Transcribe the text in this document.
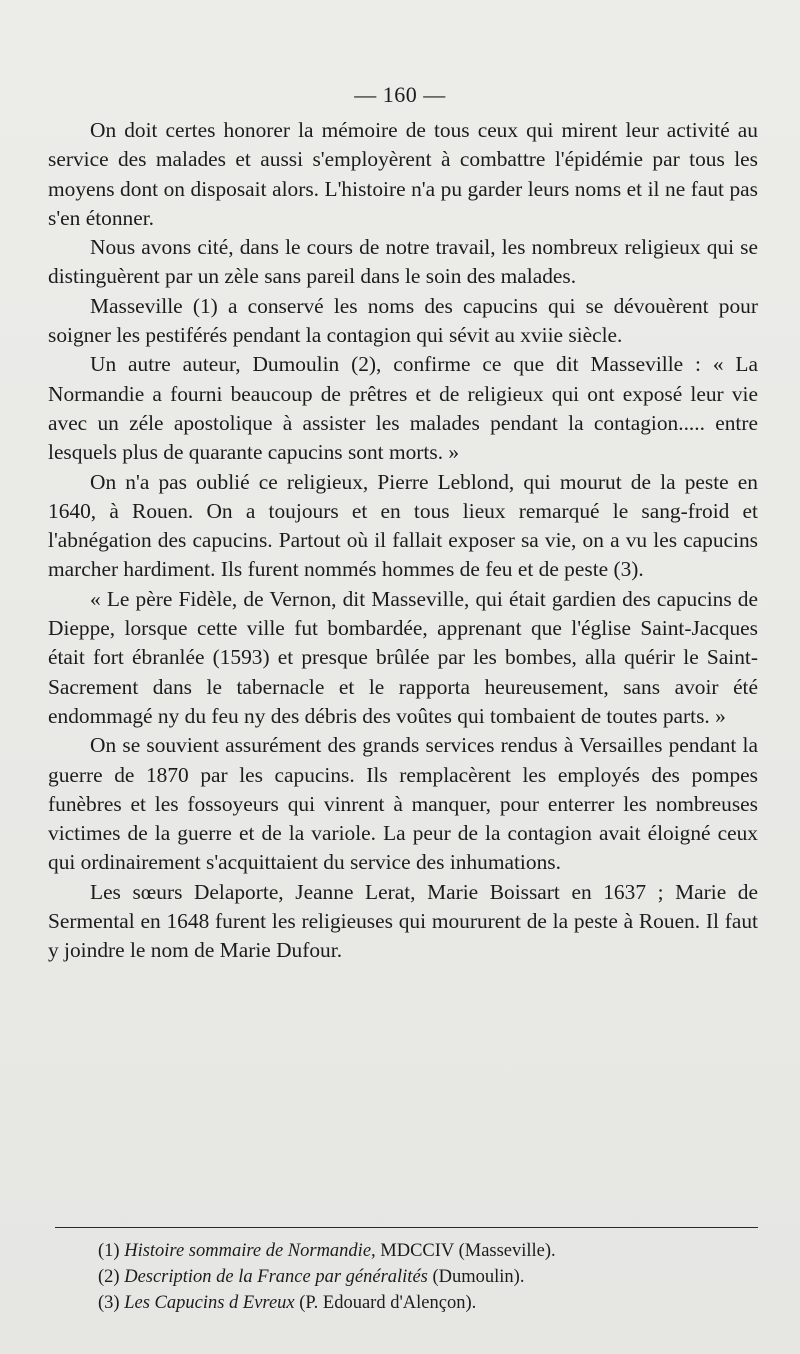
— 160 —

On doit certes honorer la mémoire de tous ceux qui mirent leur activité au service des malades et aussi s'employèrent à combattre l'épidémie par tous les moyens dont on disposait alors. L'histoire n'a pu garder leurs noms et il ne faut pas s'en étonner.

Nous avons cité, dans le cours de notre travail, les nombreux religieux qui se distinguèrent par un zèle sans pareil dans le soin des malades.

Masseville (1) a conservé les noms des capucins qui se dévouèrent pour soigner les pestiférés pendant la contagion qui sévit au xviie siècle.

Un autre auteur, Dumoulin (2), confirme ce que dit Masseville : « La Normandie a fourni beaucoup de prêtres et de religieux qui ont exposé leur vie avec un zéle apostolique à assister les malades pendant la contagion..... entre lesquels plus de quarante capucins sont morts. »

On n'a pas oublié ce religieux, Pierre Leblond, qui mourut de la peste en 1640, à Rouen. On a toujours et en tous lieux remarqué le sang-froid et l'abnégation des capucins. Partout où il fallait exposer sa vie, on a vu les capucins marcher hardiment. Ils furent nommés hommes de feu et de peste (3).

« Le père Fidèle, de Vernon, dit Masseville, qui était gardien des capucins de Dieppe, lorsque cette ville fut bombardée, apprenant que l'église Saint-Jacques était fort ébranlée (1593) et presque brûlée par les bombes, alla quérir le Saint-Sacrement dans le tabernacle et le rapporta heureusement, sans avoir été endommagé ny du feu ny des débris des voûtes qui tombaient de toutes parts. »

On se souvient assurément des grands services rendus à Versailles pendant la guerre de 1870 par les capucins. Ils remplacèrent les employés des pompes funèbres et les fossoyeurs qui vinrent à manquer, pour enterrer les nombreuses victimes de la guerre et de la variole. La peur de la contagion avait éloigné ceux qui ordinairement s'acquittaient du service des inhumations.

Les sœurs Delaporte, Jeanne Lerat, Marie Boissart en 1637 ; Marie de Sermental en 1648 furent les religieuses qui moururent de la peste à Rouen. Il faut y joindre le nom de Marie Dufour.

(1) Histoire sommaire de Normandie, MDCCIV (Masseville).
(2) Description de la France par généralités (Dumoulin).
(3) Les Capucins d Evreux (P. Edouard d'Alençon).
